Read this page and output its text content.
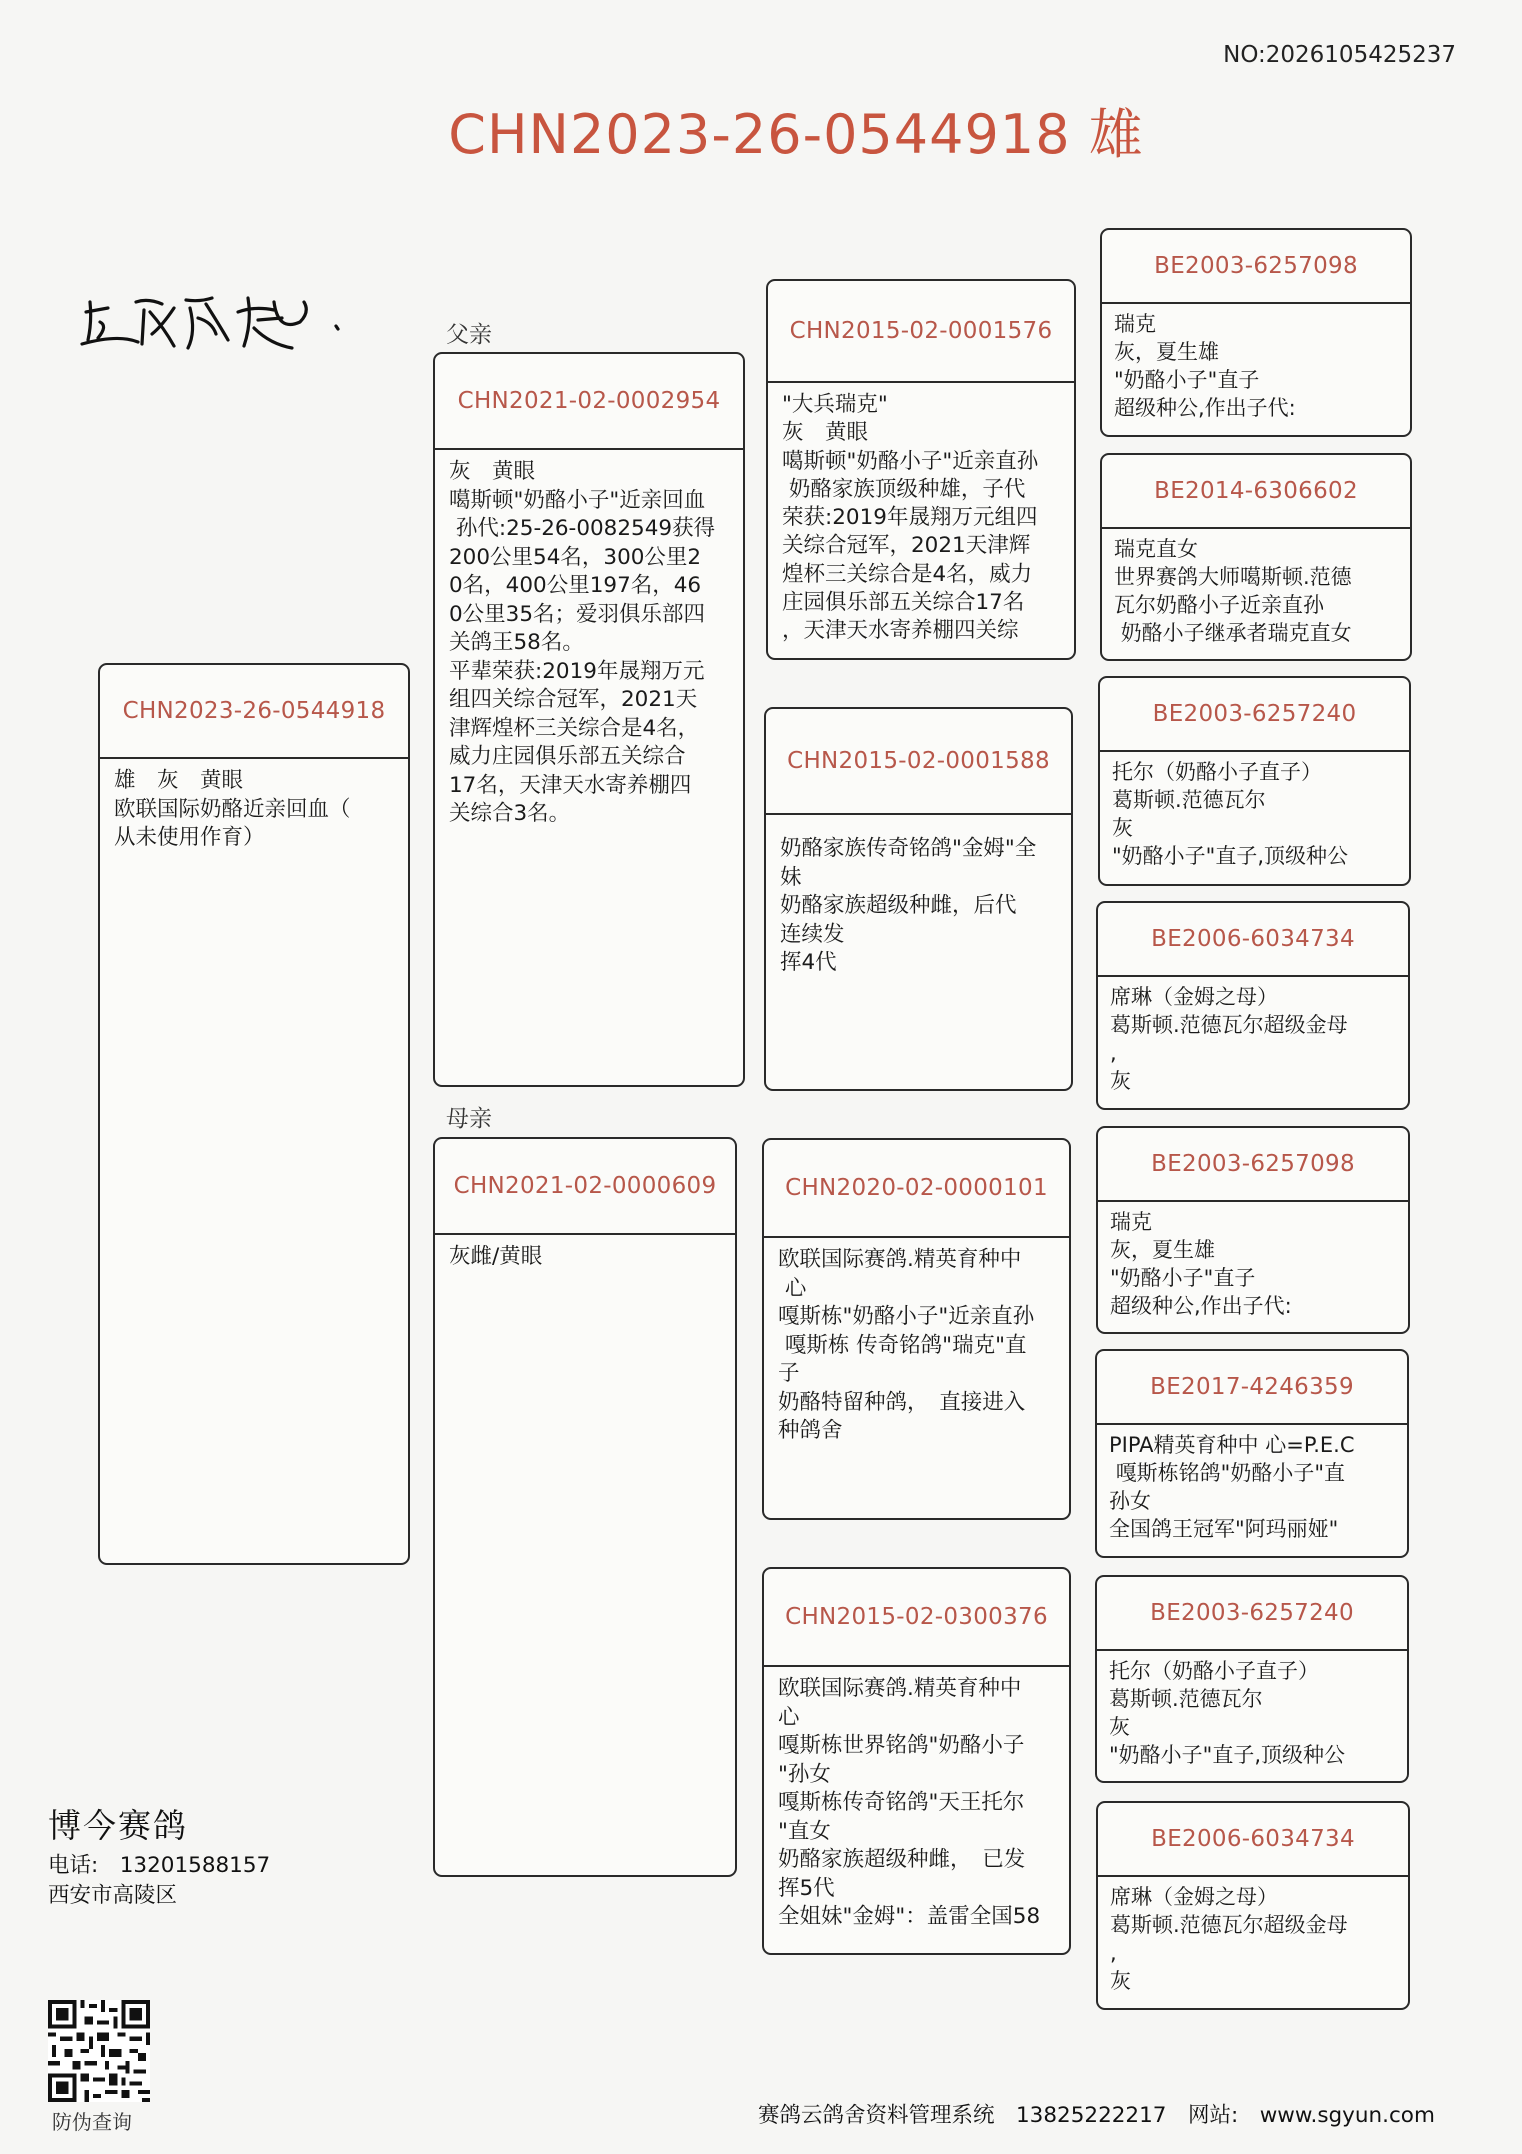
NO:2026105425237
CHN2023-26-0544918 雄
父亲
母亲
CHN2023-26-0544918
雄　灰　黄眼
欧联国际奶酪近亲回血（
从未使用作育）
CHN2021-02-0002954
灰　黄眼
噶斯顿"奶酪小子"近亲回血
孙代:25-26-0082549获得
200公里54名，300公里2
0名，400公里197名，46
0公里35名；爱羽俱乐部四
关鸽王58名。
平辈荣获:2019年晟翔万元
组四关综合冠军，2021天
津辉煌杯三关综合是4名，
威力庄园俱乐部五关综合
17名，天津天水寄养棚四
关综合3名。
CHN2021-02-0000609
灰雌/黄眼
CHN2015-02-0001576
"大兵瑞克"
灰　黄眼
噶斯顿"奶酪小子"近亲直孙
奶酪家族顶级种雄，子代
荣获:2019年晟翔万元组四
关综合冠军，2021天津辉
煌杯三关综合是4名，威力
庄园俱乐部五关综合17名
，天津天水寄养棚四关综
CHN2015-02-0001588
奶酪家族传奇铭鸽"金姆"全
妹
奶酪家族超级种雌，后代
连续发
挥4代
CHN2020-02-0000101
欧联国际赛鸽.精英育种中
心
嘎斯栋"奶酪小子"近亲直孙
嘎斯栋 传奇铭鸽"瑞克"直
子
奶酪特留种鸽，　直接进入
种鸽舍
CHN2015-02-0300376
欧联国际赛鸽.精英育种中
心
嘎斯栋世界铭鸽"奶酪小子
"孙女
嘎斯栋传奇铭鸽"天王托尔
"直女
奶酪家族超级种雌，　已发
挥5代
全姐妹"金姆"：盖雷全国58
BE2003-6257098
瑞克
灰，夏生雄
"奶酪小子"直子
超级种公,作出子代:
BE2014-6306602
瑞克直女
世界赛鸽大师噶斯顿.范德
瓦尔奶酪小子近亲直孙
奶酪小子继承者瑞克直女
BE2003-6257240
托尔（奶酪小子直子）
葛斯顿.范德瓦尔
灰
"奶酪小子"直子,顶级种公
BE2006-6034734
席琳（金姆之母）
葛斯顿.范德瓦尔超级金母
,
灰
BE2003-6257098
瑞克
灰，夏生雄
"奶酪小子"直子
超级种公,作出子代:
BE2017-4246359
PIPA精英育种中 心=P.E.C
嘎斯栋铭鸽"奶酪小子"直
孙女
全国鸽王冠军"阿玛丽娅"
BE2003-6257240
托尔（奶酪小子直子）
葛斯顿.范德瓦尔
灰
"奶酪小子"直子,顶级种公
BE2006-6034734
席琳（金姆之母）
葛斯顿.范德瓦尔超级金母
,
灰
博今赛鸽
电话:　13201588157
西安市高陵区
防伪查询	赛鸽云鸽舍资料管理系统　13825222217　网站:　www.sgyun.com
